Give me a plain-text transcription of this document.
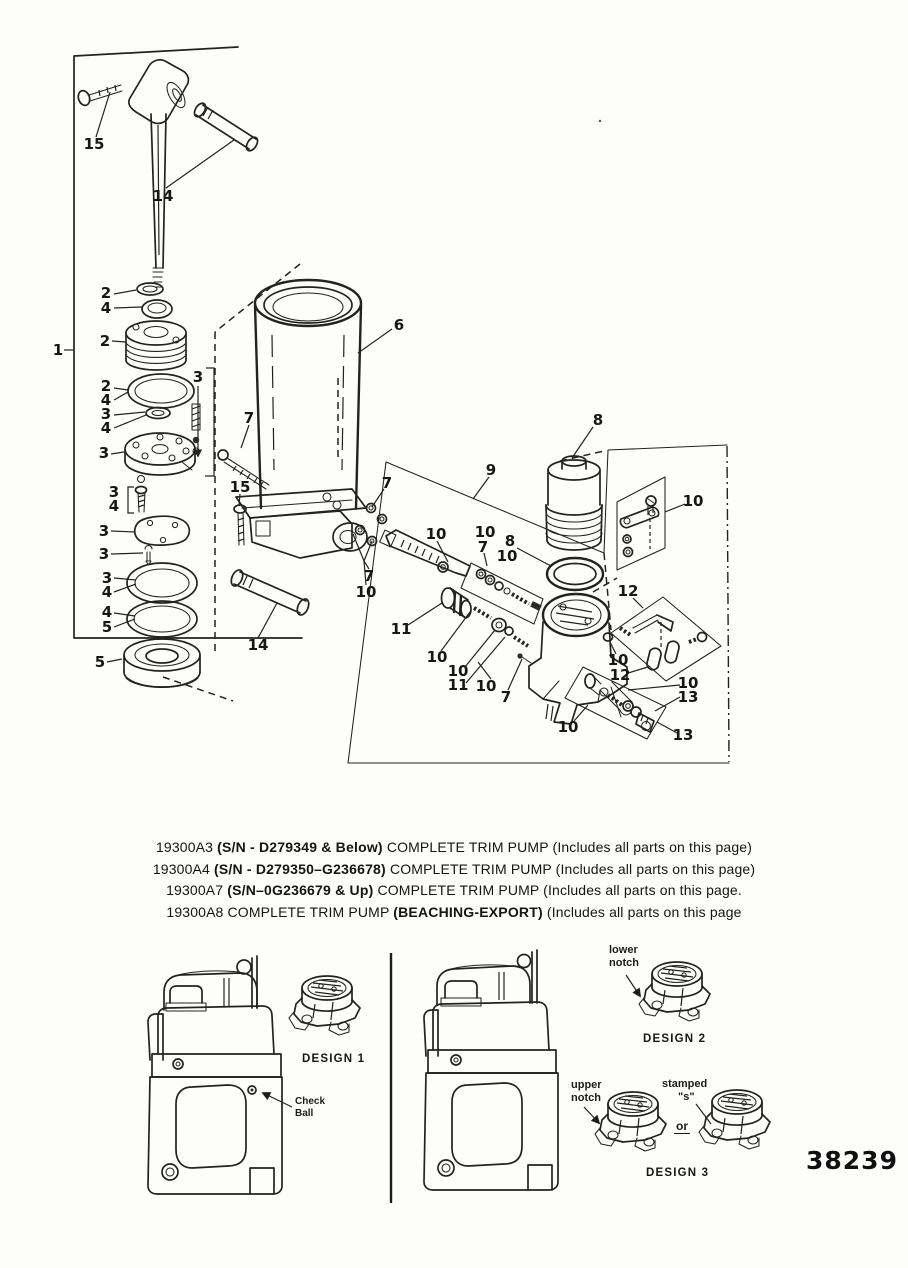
1
15
14
2
4
2
2
4
3
4
3
3
3
4
3
3
3
4
4
5
5
7
15
14
6
7
7
10
9
10 10
7 8
10
8
10
12
11
10
10
11 10
7
10
12	10
13
10	13
19300A3 (S/N - D279349 & Below) COMPLETE TRIM PUMP (Includes all parts on this page)
19300A4 (S/N - D279350–G236678) COMPLETE TRIM PUMP (Includes all parts on this page)
19300A7 (S/N–0G236679 & Up) COMPLETE TRIM PUMP (Includes all parts on this page.
19300A8 COMPLETE TRIM PUMP (BEACHING-EXPORT) (Includes all parts on this page
lower
notch
DESIGN 2
DESIGN 1
Check
Ball
upper
notch
stamped
"s"
or
DESIGN 3	38239
